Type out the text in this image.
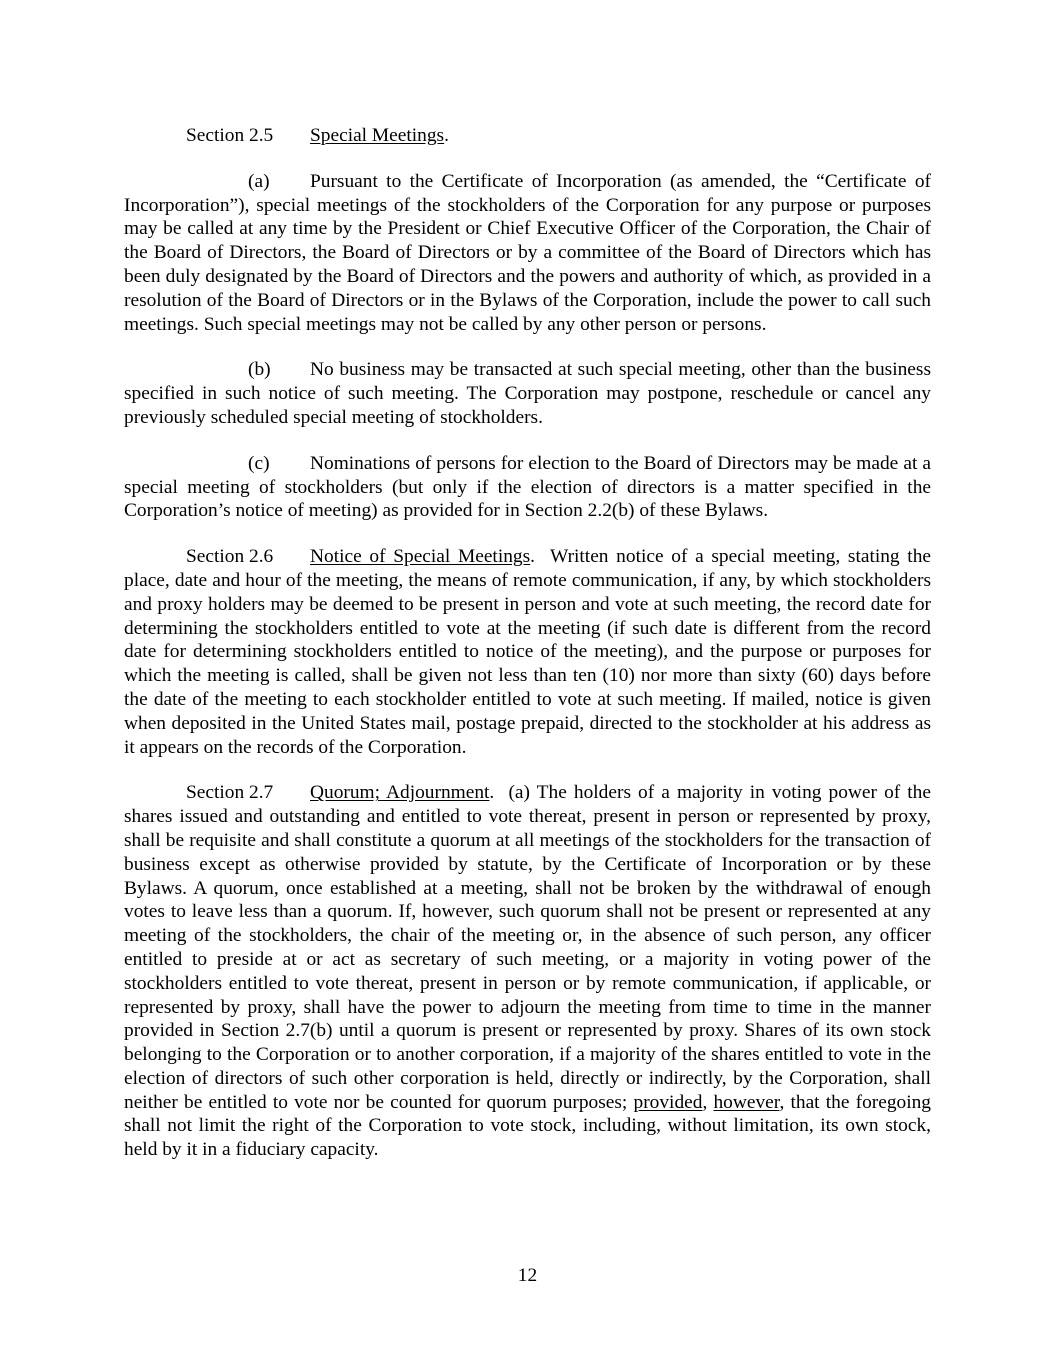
Section 2.5 Special Meetings.

(a) Pursuant to the Certificate of Incorporation (as amended, the “Certificate of Incorporation”), special meetings of the stockholders of the Corporation for any purpose or purposes may be called at any time by the President or Chief Executive Officer of the Corporation, the Chair of the Board of Directors, the Board of Directors or by a committee of the Board of Directors which has been duly designated by the Board of Directors and the powers and authority of which, as provided in a resolution of the Board of Directors or in the Bylaws of the Corporation, include the power to call such meetings. Such special meetings may not be called by any other person or persons.

(b) No business may be transacted at such special meeting, other than the business specified in such notice of such meeting. The Corporation may postpone, reschedule or cancel any previously scheduled special meeting of stockholders.

(c) Nominations of persons for election to the Board of Directors may be made at a special meeting of stockholders (but only if the election of directors is a matter specified in the Corporation’s notice of meeting) as provided for in Section 2.2(b) of these Bylaws.

Section 2.6 Notice of Special Meetings. Written notice of a special meeting, stating the place, date and hour of the meeting, the means of remote communication, if any, by which stockholders and proxy holders may be deemed to be present in person and vote at such meeting, the record date for determining the stockholders entitled to vote at the meeting (if such date is different from the record date for determining stockholders entitled to notice of the meeting), and the purpose or purposes for which the meeting is called, shall be given not less than ten (10) nor more than sixty (60) days before the date of the meeting to each stockholder entitled to vote at such meeting. If mailed, notice is given when deposited in the United States mail, postage prepaid, directed to the stockholder at his address as it appears on the records of the Corporation.

Section 2.7 Quorum; Adjournment. (a) The holders of a majority in voting power of the shares issued and outstanding and entitled to vote thereat, present in person or represented by proxy, shall be requisite and shall constitute a quorum at all meetings of the stockholders for the transaction of business except as otherwise provided by statute, by the Certificate of Incorporation or by these Bylaws. A quorum, once established at a meeting, shall not be broken by the withdrawal of enough votes to leave less than a quorum. If, however, such quorum shall not be present or represented at any meeting of the stockholders, the chair of the meeting or, in the absence of such person, any officer entitled to preside at or act as secretary of such meeting, or a majority in voting power of the stockholders entitled to vote thereat, present in person or by remote communication, if applicable, or represented by proxy, shall have the power to adjourn the meeting from time to time in the manner provided in Section 2.7(b) until a quorum is present or represented by proxy. Shares of its own stock belonging to the Corporation or to another corporation, if a majority of the shares entitled to vote in the election of directors of such other corporation is held, directly or indirectly, by the Corporation, shall neither be entitled to vote nor be counted for quorum purposes; provided, however, that the foregoing shall not limit the right of the Corporation to vote stock, including, without limitation, its own stock, held by it in a fiduciary capacity.

12
